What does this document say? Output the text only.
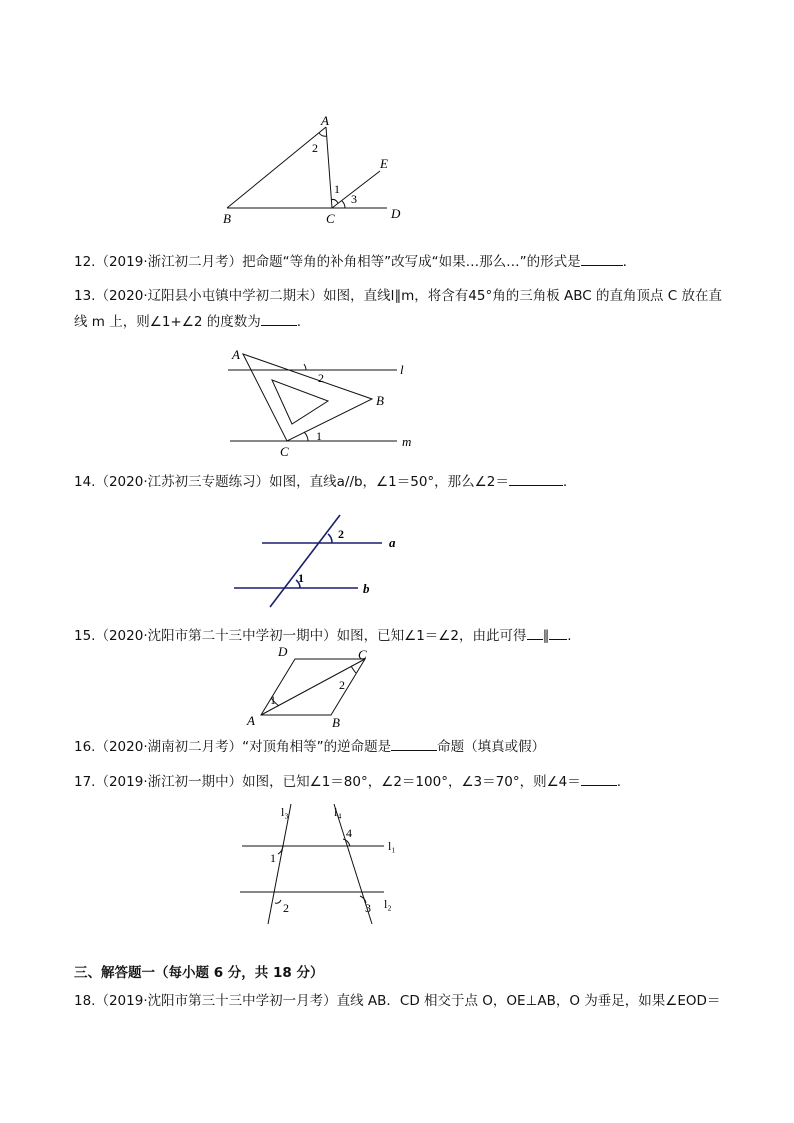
A
B	C	D
E
2
1
3
12.（2019·浙江初二月考）把命题“等角的补角相等”改写成“如果…那么…”的形式是	.
13.（2020·辽阳县小屯镇中学初二期末）如图，直线l∥m，将含有45°角的三角板 ABC 的直角顶点 C 放在直
线 m 上，则∠1+∠2 的度数为	.
A
B
C
l
m
2
1
14.（2020·江苏初三专题练习）如图，直线a//b，∠1＝50°，那么∠2＝	.
2
1
a
b
15.（2020·沈阳市第二十三中学初一期中）如图，已知∠1＝∠2，由此可得 ∥ .
D	C
A	B
1
2
16.（2020·湖南初二月考）“对顶角相等”的逆命题是	命题（填真或假）
17.（2019·浙江初一期中）如图，已知∠1＝80°，∠2＝100°，∠3＝70°，则∠4＝	.
l₃	l₄
l₁
l₂
1
2	3
4
三、解答题一（每小题 6 分，共 18 分）
18.（2019·沈阳市第三十三中学初一月考）直线 AB．CD 相交于点 O，OE⊥AB，O 为垂足，如果∠EOD＝
